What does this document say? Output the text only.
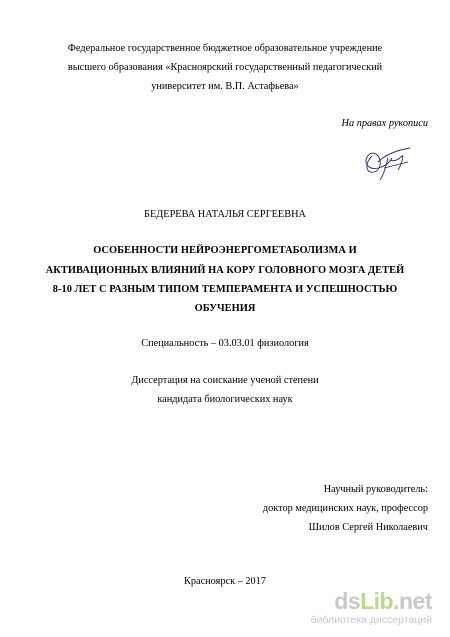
Федеральное государственное бюджетное образовательное учреждение
высшего образования «Красноярский государственный педагогический
университет им. В.П. Астафьева»
На правах рукописи
БЕДЕРЕВА НАТАЛЬЯ СЕРГЕЕВНА
ОСОБЕННОСТИ НЕЙРОЭНЕРГОМЕТАБОЛИЗМА И
АКТИВАЦИОННЫХ ВЛИЯНИЙ НА КОРУ ГОЛОВНОГО МОЗГА ДЕТЕЙ
8-10 ЛЕТ С РАЗНЫМ ТИПОМ ТЕМПЕРАМЕНТА И УСПЕШНОСТЬЮ
ОБУЧЕНИЯ
Специальность – 03.03.01 физиология
Диссертация на соискание ученой степени
кандидата биологических наук
Научный руководитель:
доктор медицинских наук, профессор
Шилов Сергей Николаевич
Красноярск – 2017
dsLib.net
библиотека диссертаций
